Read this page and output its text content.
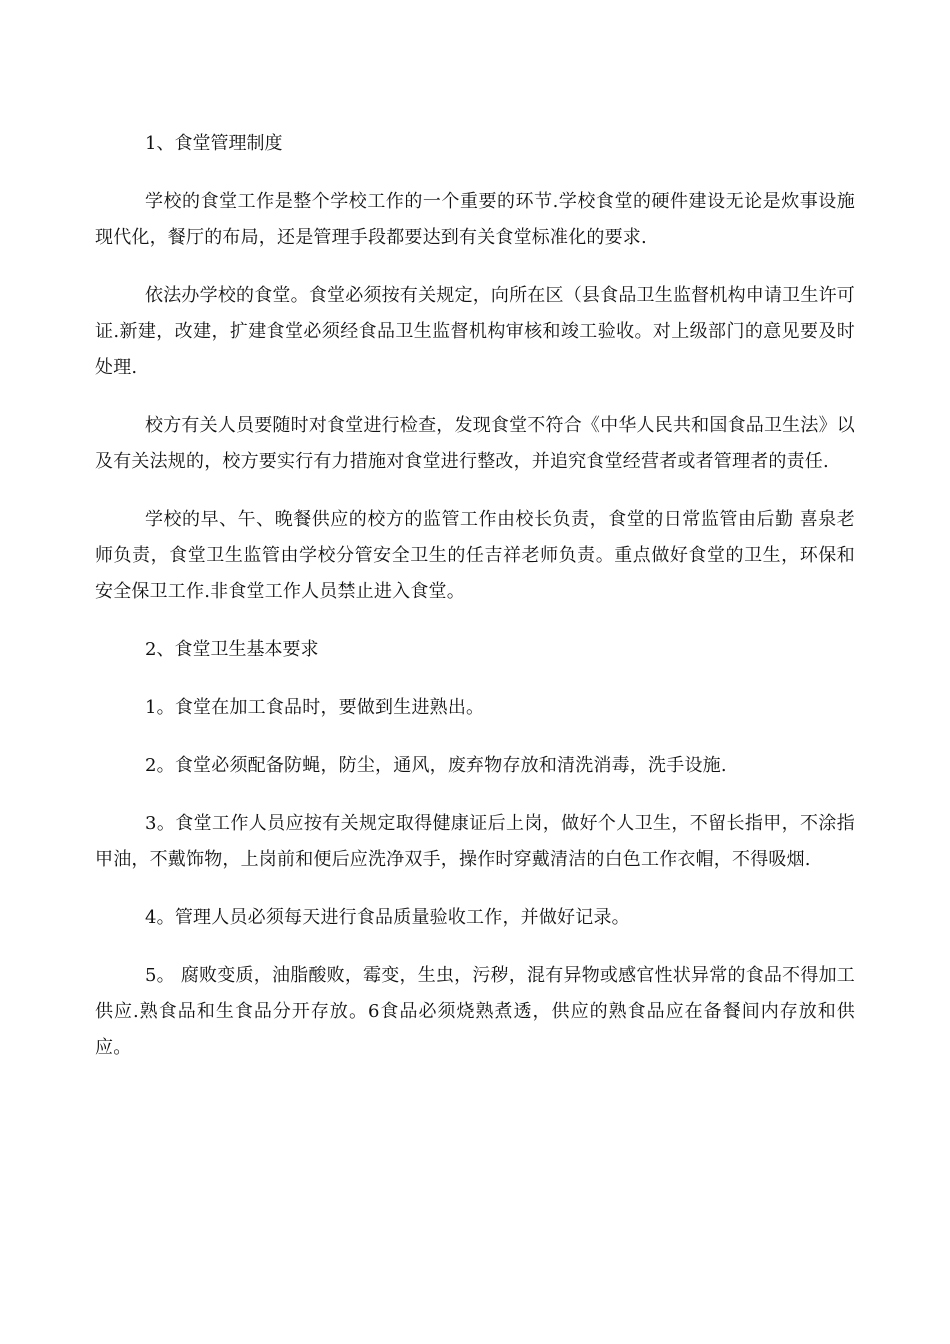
1、食堂管理制度

学校的食堂工作是整个学校工作的一个重要的环节.学校食堂的硬件建设无论是炊事设施现代化，餐厅的布局，还是管理手段都要达到有关食堂标准化的要求.

依法办学校的食堂。食堂必须按有关规定，向所在区（县食品卫生监督机构申请卫生许可证.新建，改建，扩建食堂必须经食品卫生监督机构审核和竣工验收。对上级部门的意见要及时处理.

校方有关人员要随时对食堂进行检查，发现食堂不符合《中华人民共和国食品卫生法》以及有关法规的，校方要实行有力措施对食堂进行整改，并追究食堂经营者或者管理者的责任.

学校的早、午、晚餐供应的校方的监管工作由校长负责，食堂的日常监管由后勤 喜泉老师负责，食堂卫生监管由学校分管安全卫生的任吉祥老师负责。重点做好食堂的卫生，环保和安全保卫工作.非食堂工作人员禁止进入食堂。

2、食堂卫生基本要求

1。食堂在加工食品时，要做到生进熟出。

2。食堂必须配备防蝇，防尘，通风，废弃物存放和清洗消毒，洗手设施.

3。食堂工作人员应按有关规定取得健康证后上岗，做好个人卫生，不留长指甲，不涂指甲油，不戴饰物，上岗前和便后应洗净双手，操作时穿戴清洁的白色工作衣帽，不得吸烟.

4。管理人员必须每天进行食品质量验收工作，并做好记录。

5。 腐败变质，油脂酸败，霉变，生虫，污秽，混有异物或感官性状异常的食品不得加工供应.熟食品和生食品分开存放。6食品必须烧熟煮透，供应的熟食品应在备餐间内存放和供应。
